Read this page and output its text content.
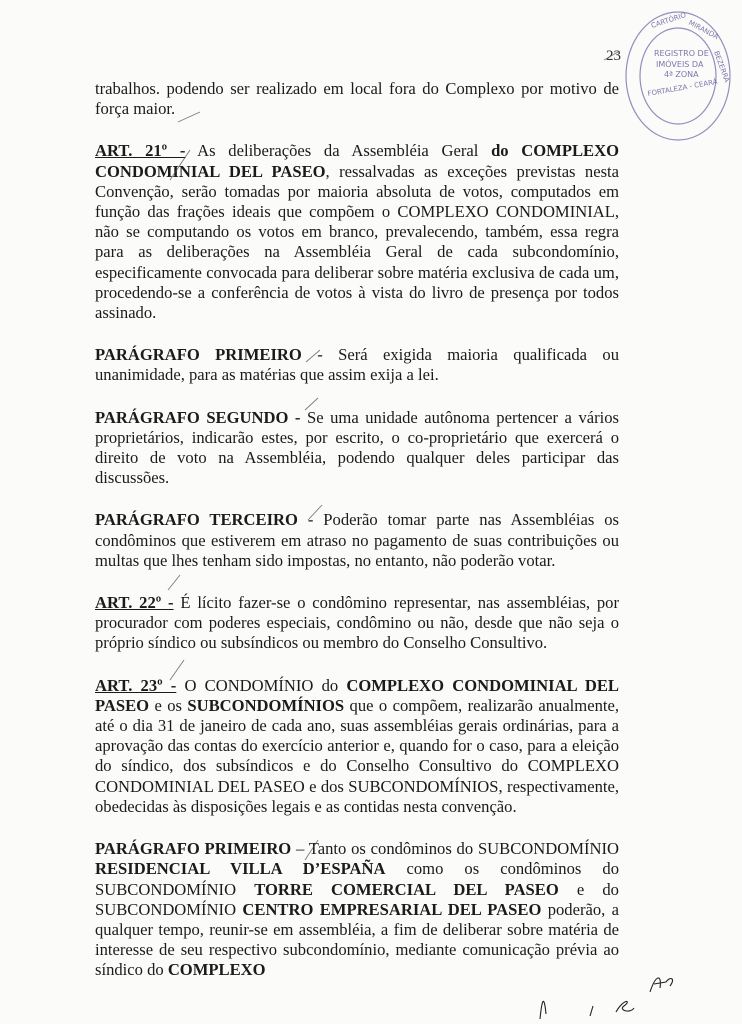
23
CARTÓRIO MIRANDA
BEZERRA
REGISTRO DE
IMÓVEIS DA
4ª ZONA
FORTALEZA - CEARÁ

trabalhos. podendo ser realizado em local fora do Complexo por motivo de força maior.

ART. 21º - As deliberações da Assembléia Geral do COMPLEXO CONDOMINIAL DEL PASEO, ressalvadas as exceções previstas nesta Convenção, serão tomadas por maioria absoluta de votos, computados em função das frações ideais que compõem o COMPLEXO CONDOMINIAL, não se computando os votos em branco, prevalecendo, também, essa regra para as deliberações na Assembléia Geral de cada subcondomínio, especificamente convocada para deliberar sobre matéria exclusiva de cada um, procedendo-se a conferência de votos à vista do livro de presença por todos assinado.

PARÁGRAFO PRIMEIRO - Será exigida maioria qualificada ou unanimidade, para as matérias que assim exija a lei.

PARÁGRAFO SEGUNDO - Se uma unidade autônoma pertencer a vários proprietários, indicarão estes, por escrito, o co-proprietário que exercerá o direito de voto na Assembléia, podendo qualquer deles participar das discussões.

PARÁGRAFO TERCEIRO - Poderão tomar parte nas Assembléias os condôminos que estiverem em atraso no pagamento de suas contribuições ou multas que lhes tenham sido impostas, no entanto, não poderão votar.

ART. 22º - É lícito fazer-se o condômino representar, nas assembléias, por procurador com poderes especiais, condômino ou não, desde que não seja o próprio síndico ou subsíndicos ou membro do Conselho Consultivo.

ART. 23º - O CONDOMÍNIO do COMPLEXO CONDOMINIAL DEL PASEO e os SUBCONDOMÍNIOS que o compõem, realizarão anualmente, até o dia 31 de janeiro de cada ano, suas assembléias gerais ordinárias, para a aprovação das contas do exercício anterior e, quando for o caso, para a eleição do síndico, dos subsíndicos e do Conselho Consultivo do COMPLEXO CONDOMINIAL DEL PASEO e dos SUBCONDOMÍNIOS, respectivamente, obedecidas às disposições legais e as contidas nesta convenção.

PARÁGRAFO PRIMEIRO – Tanto os condôminos do SUBCONDOMÍNIO RESIDENCIAL VILLA D’ESPAÑA como os condôminos do SUBCONDOMÍNIO TORRE COMERCIAL DEL PASEO e do SUBCONDOMÍNIO CENTRO EMPRESARIAL DEL PASEO poderão, a qualquer tempo, reunir-se em assembléia, a fim de deliberar sobre matéria de interesse de seu respectivo subcondomínio, mediante comunicação prévia ao síndico do COMPLEXO
